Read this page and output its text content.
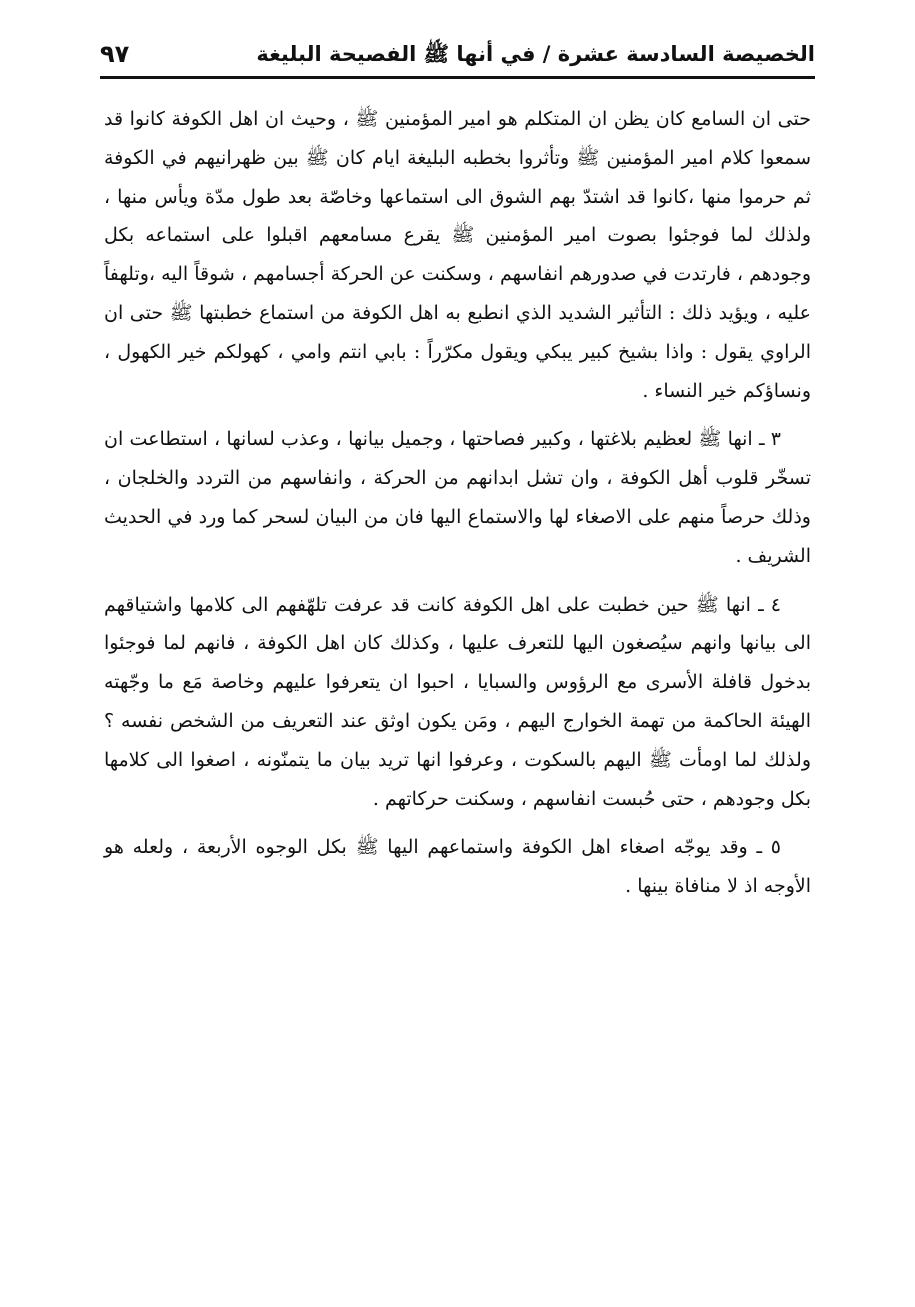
الخصيصة السادسة عشرة / في أنها ﷺ الفصيحة البليغة
٩٧

حتى ان السامع كان يظن ان المتكلم هو امير المؤمنين ﷺ ، وحيث ان اهل الكوفة كانوا قد سمعوا كلام امير المؤمنين ﷺ وتأثروا بخطبه البليغة ايام كان ﷺ بين ظهرانيهم في الكوفة ثم حرموا منها ،كانوا قد اشتدّ بهم الشوق الى استماعها وخاصّة بعد طول مدّة ويأس منها ، ولذلك لما فوجئوا بصوت امير المؤمنين ﷺ يقرع مسامعهم اقبلوا على استماعه بكل وجودهم ، فارتدت في صدورهم انفاسهم ، وسكنت عن الحركة أجسامهم ، شوقاً اليه ،وتلهفاً عليه ، ويؤيد ذلك : التأثير الشديد الذي انطبع به اهل الكوفة من استماع خطبتها ﷺ حتى ان الراوي يقول : واذا بشيخ كبير يبكي ويقول مكرّراً : بابي انتم وامي ، كهولكم خير الكهول ، ونساؤكم خير النساء .

٣ ـ انها ﷺ لعظيم بلاغتها ، وكبير فصاحتها ، وجميل بيانها ، وعذب لسانها ، استطاعت ان تسخّر قلوب أهل الكوفة ، وان تشل ابدانهم من الحركة ، وانفاسهم من التردد والخلجان ، وذلك حرصاً منهم على الاصغاء لها والاستماع اليها فان من البيان لسحر كما ورد في الحديث الشريف .

٤ ـ انها ﷺ حين خطبت على اهل الكوفة كانت قد عرفت تلهّفهم الى كلامها واشتياقهم الى بيانها وانهم سيُصغون اليها للتعرف عليها ، وكذلك كان اهل الكوفة ، فانهم لما فوجئوا بدخول قافلة الأسرى مع الرؤوس والسبايا ، احبوا ان يتعرفوا عليهم وخاصة مَع ما وجّهته الهيئة الحاكمة من تهمة الخوارج اليهم ، ومَن يكون اوثق عند التعريف من الشخص نفسه ؟ ولذلك لما اومأت ﷺ اليهم بالسكوت ، وعرفوا انها تريد بيان ما يتمنّونه ، اصغوا الى كلامها بكل وجودهم ، حتى حُبست انفاسهم ، وسكنت حركاتهم .

٥ ـ وقد يوجّه اصغاء اهل الكوفة واستماعهم اليها ﷺ بكل الوجوه الأربعة ، ولعله هو الأوجه اذ لا منافاة بينها .
